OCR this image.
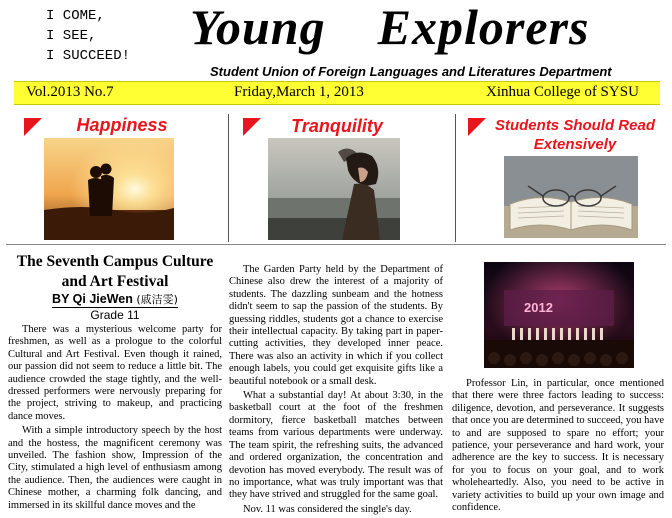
I COME,
I SEE,
I SUCCEED!
Young Explorers
Student Union of Foreign Languages and Literatures Department
Vol.2013 No.7	Friday,March 1, 2013	Xinhua College of SYSU
Happiness	Tranquility	Students Should Read
Extensively
The Seventh Campus Culture
and Art Festival
BY Qi JieWen (戚洁雯)
Grade 11

There was a mysterious welcome party for freshmen, as well as a prologue to the colorful Cultural and Art Festival. Even though it rained, our passion did not seem to reduce a little bit. The audience crowded the stage tightly, and the well-dressed performers were nervously preparing for the project, striving to makeup, and practicing dance moves.

With a simple introductory speech by the host and the hostess, the magnificent ceremony was unveiled. The fashion show, Impression of the City, stimulated a high level of enthusiasm among the audience. Then, the audiences were caught in Chinese mother, a charming folk dancing, and immersed in its skillful dance moves and the

The Garden Party held by the Department of Chinese also drew the interest of a majority of students. The dazzling sunbeam and the hotness didn't seem to sap the passion of the students. By guessing riddles, students got a chance to exercise their intellectual capacity. By taking part in paper-cutting activities, they developed inner peace. There was also an activity in which if you collect enough labels, you could get exquisite gifts like a beautiful notebook or a small desk.

What a substantial day! At about 3:30, in the basketball court at the foot of the freshmen dormitory, fierce basketball matches between teams from various departments were underway. The team spirit, the refreshing suits, the advanced and ordered organization, the concentration and devotion has moved everybody. The result was of no importance, what was truly important was that they have strived and struggled for the same goal.

Nov. 11 was considered the single's day.

2012

Professor Lin, in particular, once mentioned that there were three factors leading to success: diligence, devotion, and perseverance. It suggests that once you are determined to succeed, you have to and are supposed to spare no effort; your patience, your perseverance and hard work, your adherence are the key to success. It is necessary for you to focus on your goal, and to work wholeheartedly. Also, you need to be active in variety activities to build up your own image and confidence.
